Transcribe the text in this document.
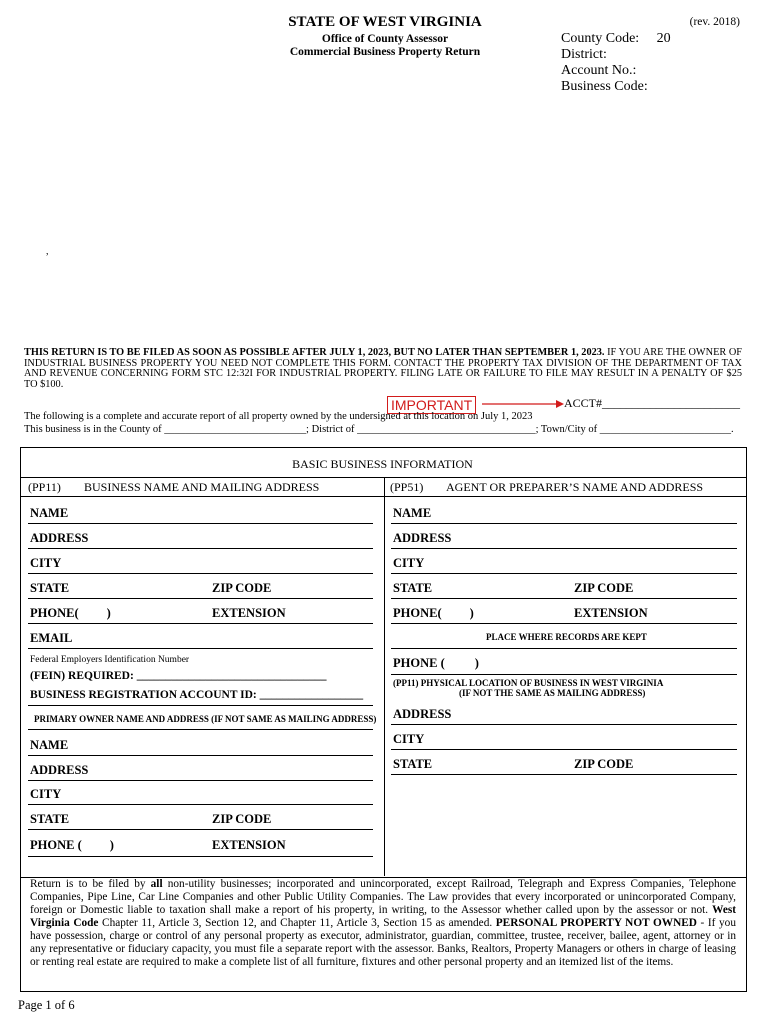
STATE OF WEST VIRGINIA
Office of County Assessor
Commercial Business Property Return
(rev. 2018)
County Code: 20
District:
Account No.:
Business Code:
,
THIS RETURN IS TO BE FILED AS SOON AS POSSIBLE AFTER JULY 1, 2023, BUT NO LATER THAN SEPTEMBER 1, 2023. IF YOU ARE THE OWNER OF INDUSTRIAL BUSINESS PROPERTY YOU NEED NOT COMPLETE THIS FORM. CONTACT THE PROPERTY TAX DIVISION OF THE DEPARTMENT OF TAX AND REVENUE CONCERNING FORM STC 12:32I FOR INDUSTRIAL PROPERTY. FILING LATE OR FAILURE TO FILE MAY RESULT IN A PENALTY OF $25 TO $100.
IMPORTANT	ACCT#_______________________
The following is a complete and accurate report of all property owned by the undersigned at this location on July 1, 2023
This business is in the County of ___________________________; District of __________________________________; Town/City of _________________________.
BASIC BUSINESS INFORMATION
(PP11) BUSINESS NAME AND MAILING ADDRESS	(PP51) AGENT OR PREPARER’S NAME AND ADDRESS
NAME
ADDRESS
CITY
STATE	ZIP CODE
PHONE( )	EXTENSION
EMAIL
Federal Employers Identification Number
(FEIN) REQUIRED: _________________________________
BUSINESS REGISTRATION ACCOUNT ID: __________________
PRIMARY OWNER NAME AND ADDRESS (IF NOT SAME AS MAILING ADDRESS)
NAME
ADDRESS
CITY
STATE	ZIP CODE
PHONE ( )	EXTENSION
NAME
ADDRESS
CITY
STATE	ZIP CODE
PHONE( )	EXTENSION
PLACE WHERE RECORDS ARE KEPT
PHONE ( )
(PP11) PHYSICAL LOCATION OF BUSINESS IN WEST VIRGINIA
(IF NOT THE SAME AS MAILING ADDRESS)
ADDRESS
CITY
STATE	ZIP CODE
Return is to be filed by all non-utility businesses; incorporated and unincorporated, except Railroad, Telegraph and Express Companies, Telephone Companies, Pipe Line, Car Line Companies and other Public Utility Companies. The Law provides that every incorporated or unincorporated Company, foreign or Domestic liable to taxation shall make a report of his property, in writing, to the Assessor whether called upon by the assessor or not. West Virginia Code Chapter 11, Article 3, Section 12, and Chapter 11, Article 3, Section 15 as amended. PERSONAL PROPERTY NOT OWNED - If you have possession, charge or control of any personal property as executor, administrator, guardian, committee, trustee, receiver, bailee, agent, attorney or in any representative or fiduciary capacity, you must file a separate report with the assessor. Banks, Realtors, Property Managers or others in charge of leasing or renting real estate are required to make a complete list of all furniture, fixtures and other personal property and an itemized list of the items.
Page 1 of 6
